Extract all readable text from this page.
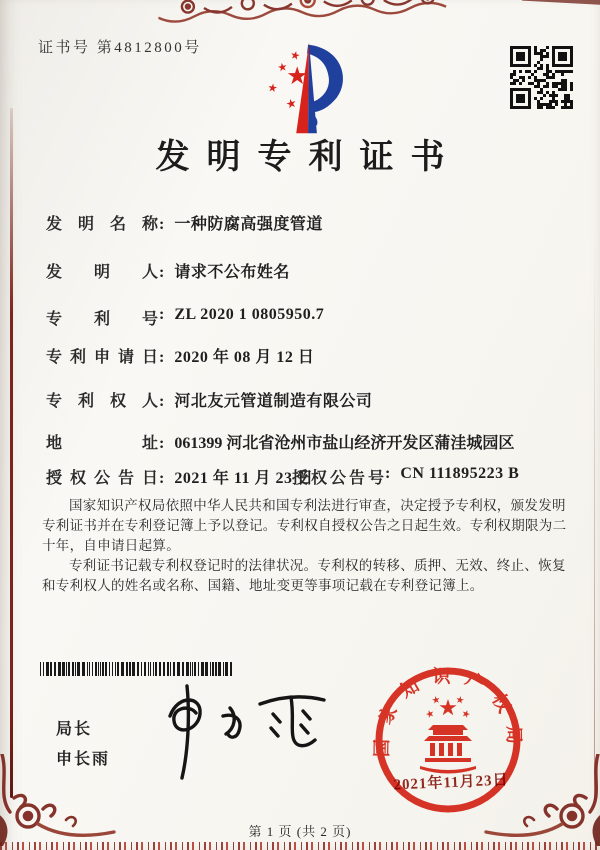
证书号 第4812800号
发明专利证书
发明名称: 一种防腐高强度管道
发明人: 请求不公布姓名
专利号: ZL 2020 1 0805950.7
专利申请日: 2020 年 08 月 12 日
专利权人: 河北友元管道制造有限公司
地址: 061399 河北省沧州市盐山经济开发区蒲洼城园区
授权公告日: 2021 年 11 月 23 日
授权公告号: CN 111895223 B

国家知识产权局依照中华人民共和国专利法进行审查，决定授予专利权，颁发发明专利证书并在专利登记簿上予以登记。专利权自授权公告之日起生效。专利权期限为二十年，自申请日起算。

专利证书记载专利权登记时的法律状况。专利权的转移、质押、无效、终止、恢复和专利权人的姓名或名称、国籍、地址变更等事项记载在专利登记簿上。

局长
申长雨
国家知识产权局
2021年11月23日
第 1 页 (共 2 页)
